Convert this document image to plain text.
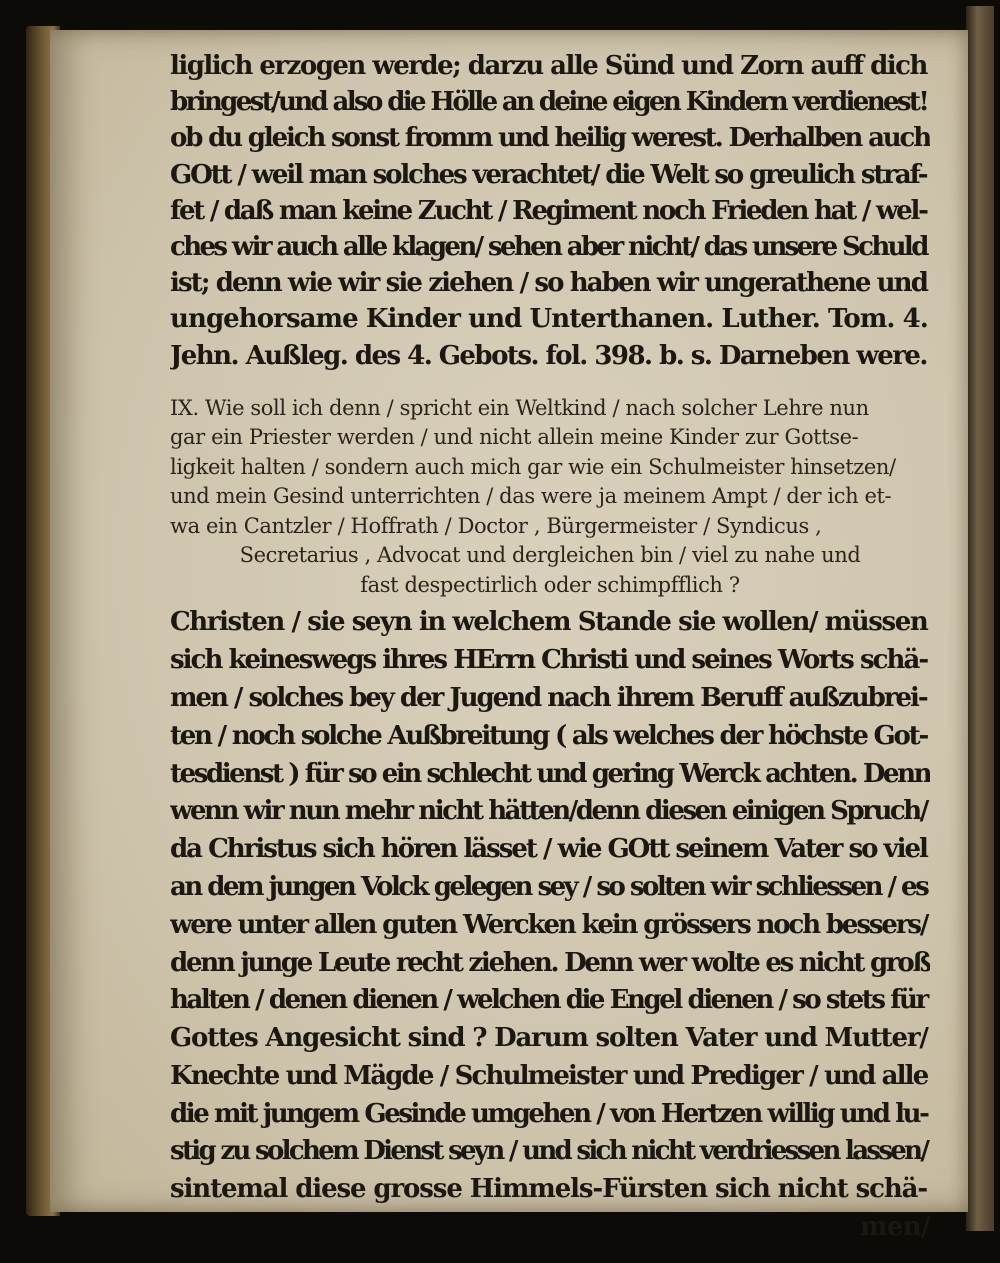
liglich erzogen werde; darzu alle Sünd und Zorn auff dich
bringest/und also die Hölle an deine eigen Kindern verdienest!
ob du gleich sonst fromm und heilig werest. Derhalben auch
GOtt / weil man solches verachtet/ die Welt so greulich straf-
fet / daß man keine Zucht / Regiment noch Frieden hat / wel-
ches wir auch alle klagen/ sehen aber nicht/ das unsere Schuld
ist; denn wie wir sie ziehen / so haben wir ungerathene und
ungehorsame Kinder und Unterthanen. Luther. Tom. 4.
Jehn. Außleg. des 4. Gebots. fol. 398. b. s. Darneben were.
IX. Wie soll ich denn / spricht ein Weltkind / nach solcher Lehre nun
gar ein Priester werden / und nicht allein meine Kinder zur Gottse-
ligkeit halten / sondern auch mich gar wie ein Schulmeister hinsetzen/
und mein Gesind unterrichten / das were ja meinem Ampt / der ich et-
wa ein Cantzler / Hoffrath / Doctor , Bürgermeister / Syndicus ,
Secretarius , Advocat und dergleichen bin / viel zu nahe und
fast despectirlich oder schimpfflich ?
Christen / sie seyn in welchem Stande sie wollen/ müssen
sich keineswegs ihres HErrn Christi und seines Worts schä-
men / solches bey der Jugend nach ihrem Beruff außzubrei-
ten / noch solche Außbreitung ( als welches der höchste Got-
tesdienst ) für so ein schlecht und gering Werck achten. Denn
wenn wir nun mehr nicht hätten/denn diesen einigen Spruch/
da Christus sich hören lässet / wie GOtt seinem Vater so viel
an dem jungen Volck gelegen sey / so solten wir schliessen / es
were unter allen guten Wercken kein grössers noch bessers/
denn junge Leute recht ziehen. Denn wer wolte es nicht groß
halten / denen dienen / welchen die Engel dienen / so stets für
Gottes Angesicht sind ? Darum solten Vater und Mutter/
Knechte und Mägde / Schulmeister und Prediger / und alle
die mit jungem Gesinde umgehen / von Hertzen willig und lu-
stig zu solchem Dienst seyn / und sich nicht verdriessen lassen/
sintemal diese grosse Himmels-Fürsten sich nicht schä-
men/
